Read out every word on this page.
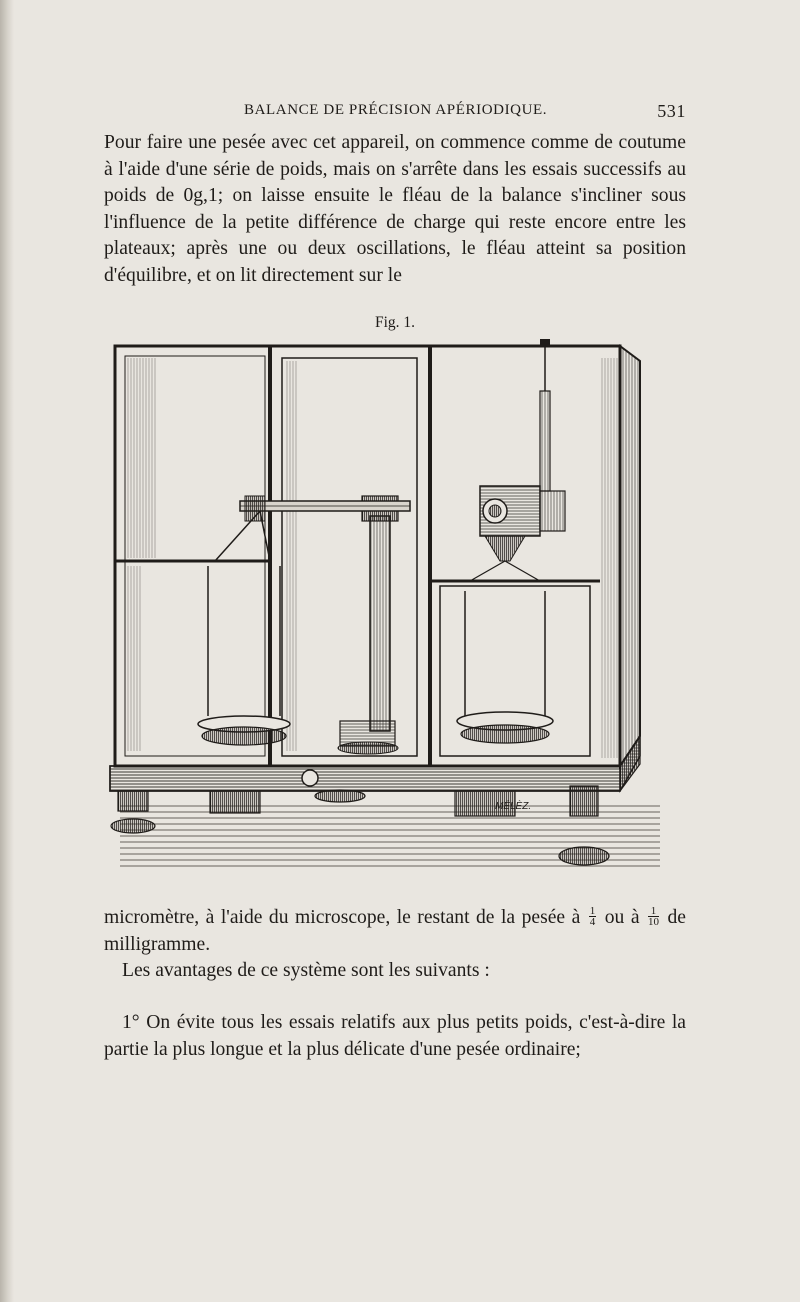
BALANCE DE PRÉCISION APÉRIODIQUE.	531

Pour faire une pesée avec cet appareil, on commence comme de coutume à l'aide d'une série de poids, mais on s'arrête dans les essais successifs au poids de 0g,1; on laisse ensuite le fléau de la balance s'incliner sous l'influence de la petite différence de charge qui reste encore entre les plateaux; après une ou deux oscillations, le fléau atteint sa position d'équilibre, et on lit directement sur le

Fig. 1.
MÉLÈZ.

micromètre, à l'aide du microscope, le restant de la pesée à $\frac{1}{4}$ ou à $\frac{1}{10}$ de milligramme.

Les avantages de ce système sont les suivants :

1° On évite tous les essais relatifs aux plus petits poids, c'est-à-dire la partie la plus longue et la plus délicate d'une pesée ordinaire;
